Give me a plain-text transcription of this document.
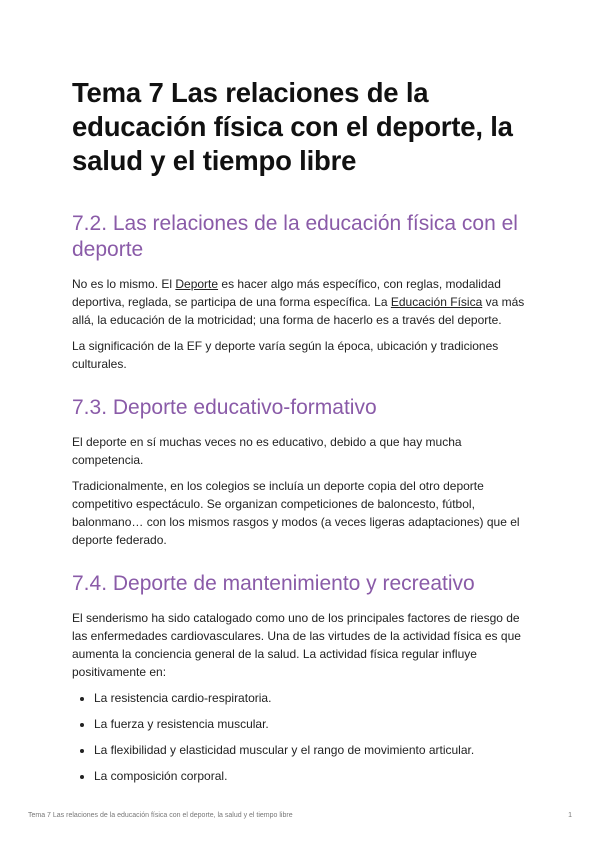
Tema 7 Las relaciones de la educación física con el deporte, la salud y el tiempo libre
7.2. Las relaciones de la educación física con el deporte

No es lo mismo. El Deporte es hacer algo más específico, con reglas, modalidad deportiva, reglada, se participa de una forma específica. La Educación Física va más allá, la educación de la motricidad; una forma de hacerlo es a través del deporte.

La significación de la EF y deporte varía según la época, ubicación y tradiciones culturales.

7.3. Deporte educativo-formativo

El deporte en sí muchas veces no es educativo, debido a que hay mucha competencia.

Tradicionalmente, en los colegios se incluía un deporte copia del otro deporte competitivo espectáculo. Se organizan competiciones de baloncesto, fútbol, balonmano… con los mismos rasgos y modos (a veces ligeras adaptaciones) que el deporte federado.

7.4. Deporte de mantenimiento y recreativo

El senderismo ha sido catalogado como uno de los principales factores de riesgo de las enfermedades cardiovasculares. Una de las virtudes de la actividad física es que aumenta la conciencia general de la salud. La actividad física regular influye positivamente en:

• La resistencia cardio-respiratoria.
• La fuerza y resistencia muscular.
• La flexibilidad y elasticidad muscular y el rango de movimiento articular.
• La composición corporal.
Tema 7 Las relaciones de la educación física con el deporte, la salud y el tiempo libre	1
